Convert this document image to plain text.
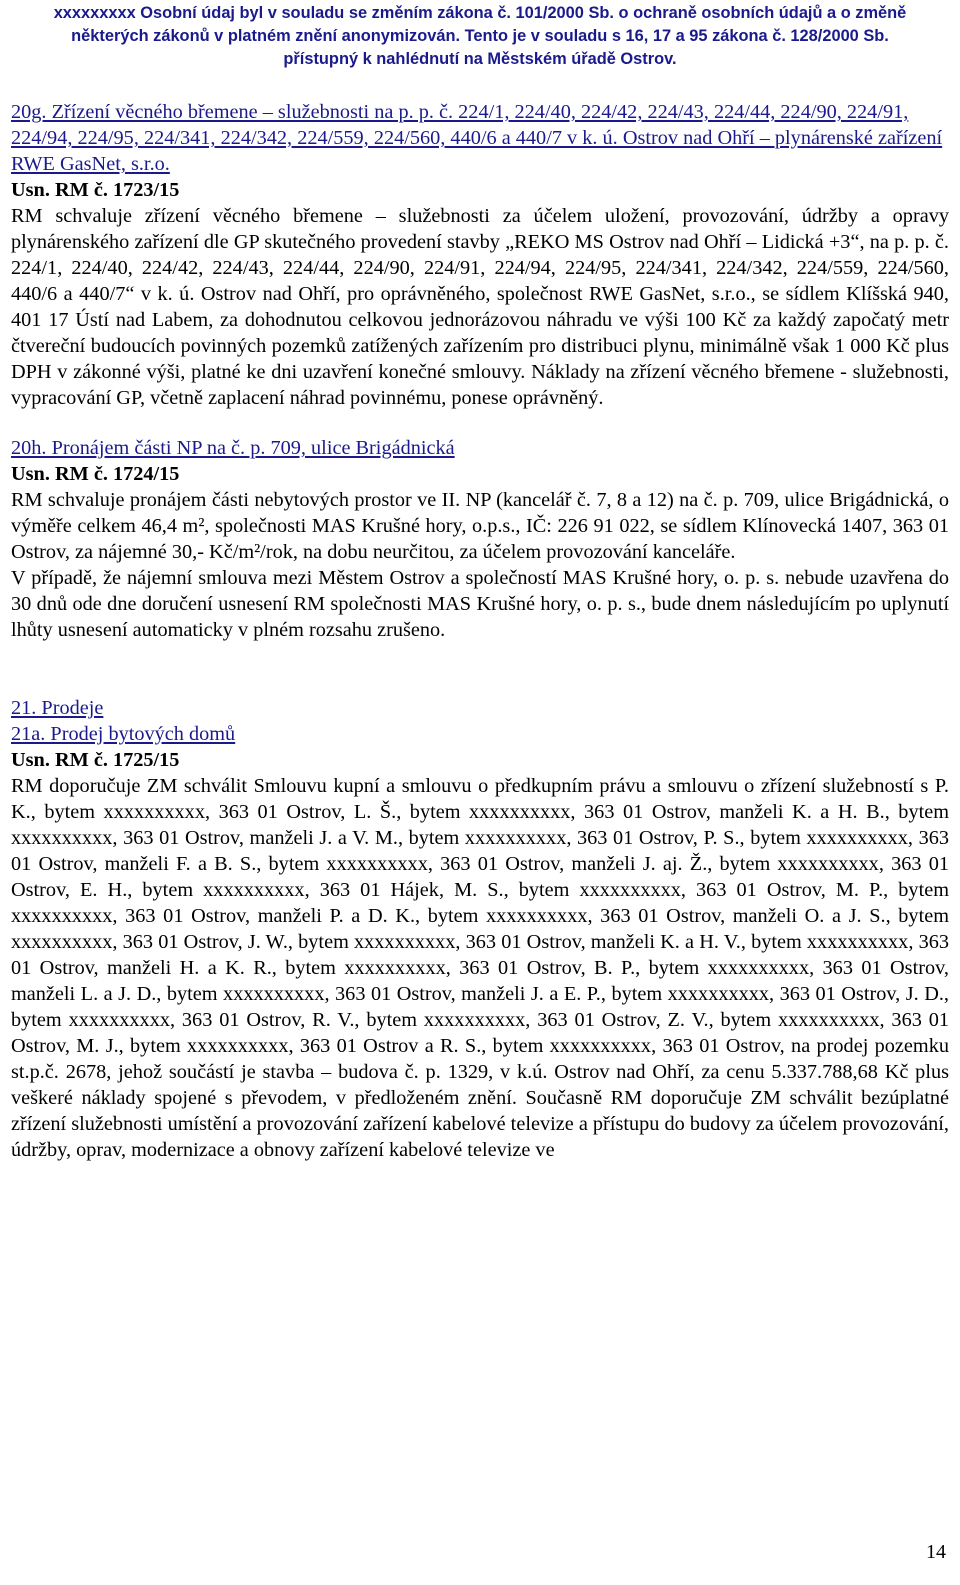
xxxxxxxxx Osobní údaj byl v souladu se změním zákona č. 101/2000 Sb. o ochraně osobních údajů a o změně
některých zákonů v platném znění anonymizován. Tento je v souladu s 16, 17 a 95 zákona č. 128/2000 Sb.
přístupný k nahlédnutí na Městském úřadě Ostrov.

20g. Zřízení věcného břemene – služebnosti na p. p. č. 224/1, 224/40, 224/42, 224/43, 224/44, 224/90, 224/91, 224/94, 224/95, 224/341, 224/342, 224/559, 224/560, 440/6 a 440/7 v k. ú. Ostrov nad Ohří – plynárenské zařízení RWE GasNet, s.r.o.

Usn. RM č. 1723/15

RM schvaluje zřízení věcného břemene – služebnosti za účelem uložení, provozování, údržby a opravy plynárenského zařízení dle GP skutečného provedení stavby „REKO MS Ostrov nad Ohří – Lidická +3“, na p. p. č. 224/1, 224/40, 224/42, 224/43, 224/44, 224/90, 224/91, 224/94, 224/95, 224/341, 224/342, 224/559, 224/560, 440/6 a 440/7“ v k. ú. Ostrov nad Ohří, pro oprávněného, společnost RWE GasNet, s.r.o., se sídlem Klíšská 940, 401 17 Ústí nad Labem, za dohodnutou celkovou jednorázovou náhradu ve výši 100 Kč za každý započatý metr čtvereční budoucích povinných pozemků zatížených zařízením pro distribuci plynu, minimálně však 1 000 Kč plus DPH v zákonné výši, platné ke dni uzavření konečné smlouvy. Náklady na zřízení věcného břemene - služebnosti, vypracování GP, včetně zaplacení náhrad povinnému, ponese oprávněný.

20h. Pronájem části NP na č. p. 709, ulice Brigádnická

Usn. RM č. 1724/15

RM schvaluje pronájem části nebytových prostor ve II. NP (kancelář č. 7, 8 a 12) na č. p. 709, ulice Brigádnická, o výměře celkem 46,4 m², společnosti MAS Krušné hory, o.p.s., IČ: 226 91 022, se sídlem Klínovecká 1407, 363 01 Ostrov, za nájemné 30,- Kč/m²/rok, na dobu neurčitou, za účelem provozování kanceláře.

V případě, že nájemní smlouva mezi Městem Ostrov a společností MAS Krušné hory, o. p. s. nebude uzavřena do 30 dnů ode dne doručení usnesení RM společnosti MAS Krušné hory, o. p. s., bude dnem následujícím po uplynutí lhůty usnesení automaticky v plném rozsahu zrušeno.

21. Prodeje

21a. Prodej bytových domů

Usn. RM č. 1725/15

RM doporučuje ZM schválit Smlouvu kupní a smlouvu o předkupním právu a smlouvu o zřízení služebností s P. K., bytem xxxxxxxxxx, 363 01 Ostrov, L. Š., bytem xxxxxxxxxx, 363 01 Ostrov, manželi K. a H. B., bytem xxxxxxxxxx, 363 01 Ostrov, manželi J. a V. M., bytem xxxxxxxxxx, 363 01 Ostrov, P. S., bytem xxxxxxxxxx, 363 01 Ostrov, manželi F. a B. S., bytem xxxxxxxxxx, 363 01 Ostrov, manželi J. aj. Ž., bytem xxxxxxxxxx, 363 01 Ostrov, E. H., bytem xxxxxxxxxx, 363 01 Hájek, M. S., bytem xxxxxxxxxx, 363 01 Ostrov, M. P., bytem xxxxxxxxxx, 363 01 Ostrov, manželi P. a D. K., bytem xxxxxxxxxx, 363 01 Ostrov, manželi O. a J. S., bytem xxxxxxxxxx, 363 01 Ostrov, J. W., bytem xxxxxxxxxx, 363 01 Ostrov, manželi K. a H. V., bytem xxxxxxxxxx, 363 01 Ostrov, manželi H. a K. R., bytem xxxxxxxxxx, 363 01 Ostrov, B. P., bytem xxxxxxxxxx, 363 01 Ostrov, manželi L. a J. D., bytem xxxxxxxxxx, 363 01 Ostrov, manželi J. a E. P., bytem xxxxxxxxxx, 363 01 Ostrov, J. D., bytem xxxxxxxxxx, 363 01 Ostrov, R. V., bytem xxxxxxxxxx, 363 01 Ostrov, Z. V., bytem xxxxxxxxxx, 363 01 Ostrov, M. J., bytem xxxxxxxxxx, 363 01 Ostrov a R. S., bytem xxxxxxxxxx, 363 01 Ostrov, na prodej pozemku st.p.č. 2678, jehož součástí je stavba – budova č. p. 1329, v k.ú. Ostrov nad Ohří, za cenu 5.337.788,68 Kč plus veškeré náklady spojené s převodem, v předloženém znění. Současně RM doporučuje ZM schválit bezúplatné zřízení služebnosti umístění a provozování zařízení kabelové televize a přístupu do budovy za účelem provozování, údržby, oprav, modernizace a obnovy zařízení kabelové televize ve

14
